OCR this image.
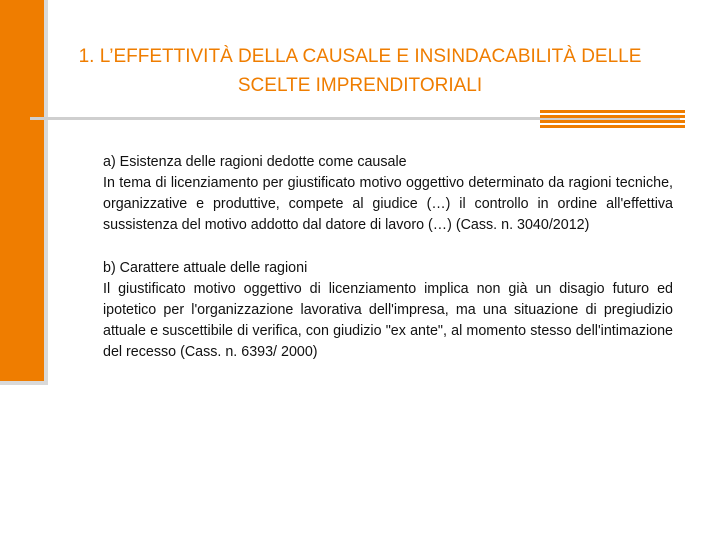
1. L’EFFETTIVITÀ DELLA CAUSALE E INSINDACABILITÀ DELLE
SCELTE IMPRENDITORIALI

a) Esistenza delle ragioni dedotte come causale

In tema di licenziamento per giustificato motivo oggettivo determinato da ragioni tecniche, organizzative e produttive, compete al giudice (…) il controllo in ordine all'effettiva sussistenza del motivo addotto dal datore di lavoro (…) (Cass. n. 3040/2012)

b) Carattere attuale delle ragioni

Il giustificato motivo oggettivo di licenziamento implica non già un disagio futuro ed ipotetico per l'organizzazione lavorativa dell'impresa, ma una situazione di pregiudizio attuale e suscettibile di verifica, con giudizio "ex ante", al momento stesso dell'intimazione del recesso (Cass. n. 6393/ 2000)
